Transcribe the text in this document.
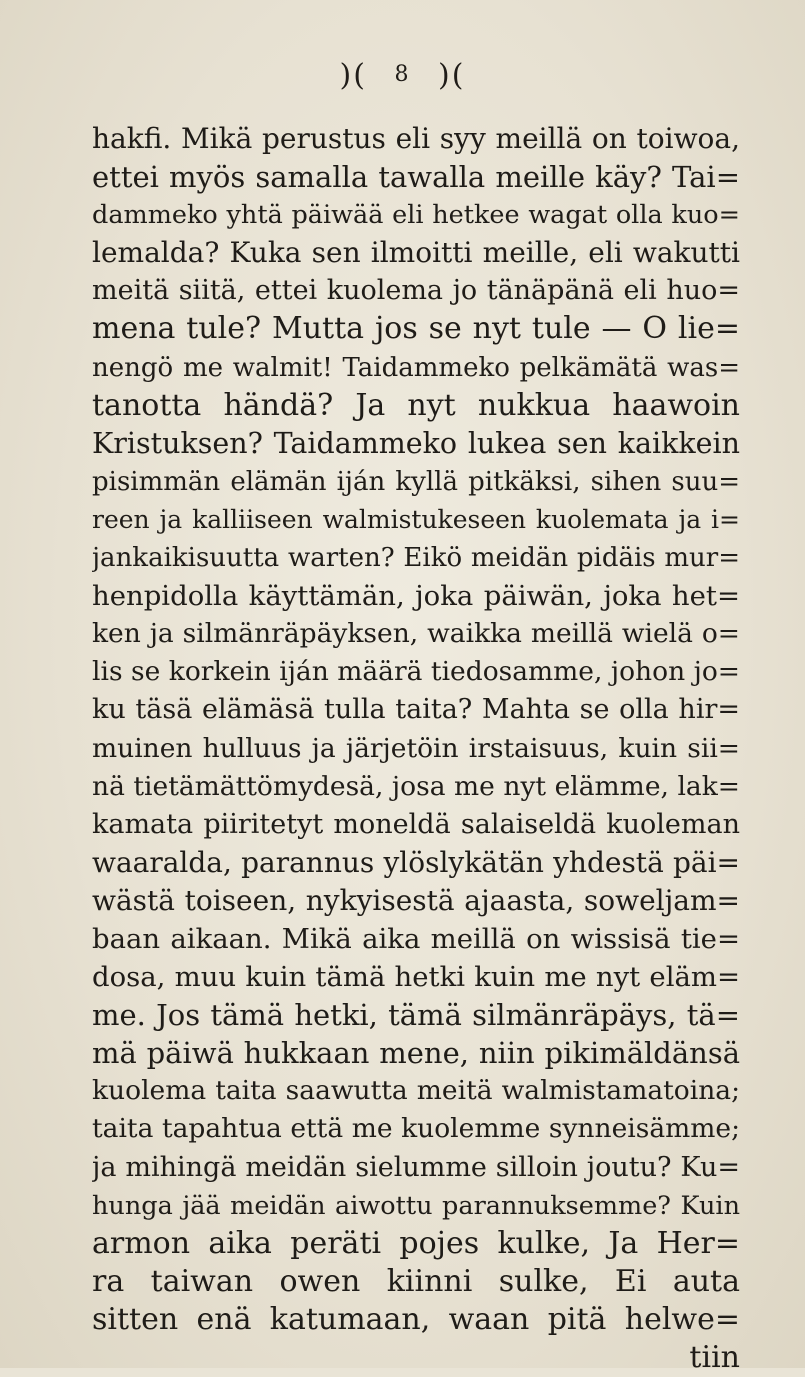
)( 8 )(
hakfi. Mikä perustus eli syy meillä on toiwoa,
ettei myös samalla tawalla meille käy? Tai=
dammeko yhtä päiwää eli hetkee wagat olla kuo=
lemalda? Kuka sen ilmoitti meille, eli wakutti
meitä siitä, ettei kuolema jo tänäpänä eli huo=
mena tule? Mutta jos se nyt tule — O lie=
nengö me walmit! Taidammeko pelkämätä was=
tanotta händä? Ja nyt nukkua haawoin
Kristuksen? Taidammeko lukea sen kaikkein
pisimmän elämän iján kyllä pitkäksi, sihen suu=
reen ja kalliiseen walmistukeseen kuolemata ja i=
jankaikisuutta warten? Eikö meidän pidäis mur=
henpidolla käyttämän, joka päiwän, joka het=
ken ja silmänräpäyksen, waikka meillä wielä o=
lis se korkein iján määrä tiedosamme, johon jo=
ku täsä elämäsä tulla taita? Mahta se olla hir=
muinen hulluus ja järjetöin irstaisuus, kuin sii=
nä tietämättömydesä, josa me nyt elämme, lak=
kamata piiritetyt moneldä salaiseldä kuoleman
waaralda, parannus ylöslykätän yhdestä päi=
wästä toiseen, nykyisestä ajaasta, soweljam=
baan aikaan. Mikä aika meillä on wissisä tie=
dosa, muu kuin tämä hetki kuin me nyt eläm=
me. Jos tämä hetki, tämä silmänräpäys, tä=
mä päiwä hukkaan mene, niin pikimäldänsä
kuolema taita saawutta meitä walmistamatoina;
taita tapahtua että me kuolemme synneisämme;
ja mihingä meidän sielumme silloin joutu? Ku=
hunga jää meidän aiwottu parannuksemme? Kuin
armon aika peräti pojes kulke, Ja Her=
ra taiwan owen kiinni sulke, Ei auta
sitten enä katumaan, waan pitä helwe=
tiin
